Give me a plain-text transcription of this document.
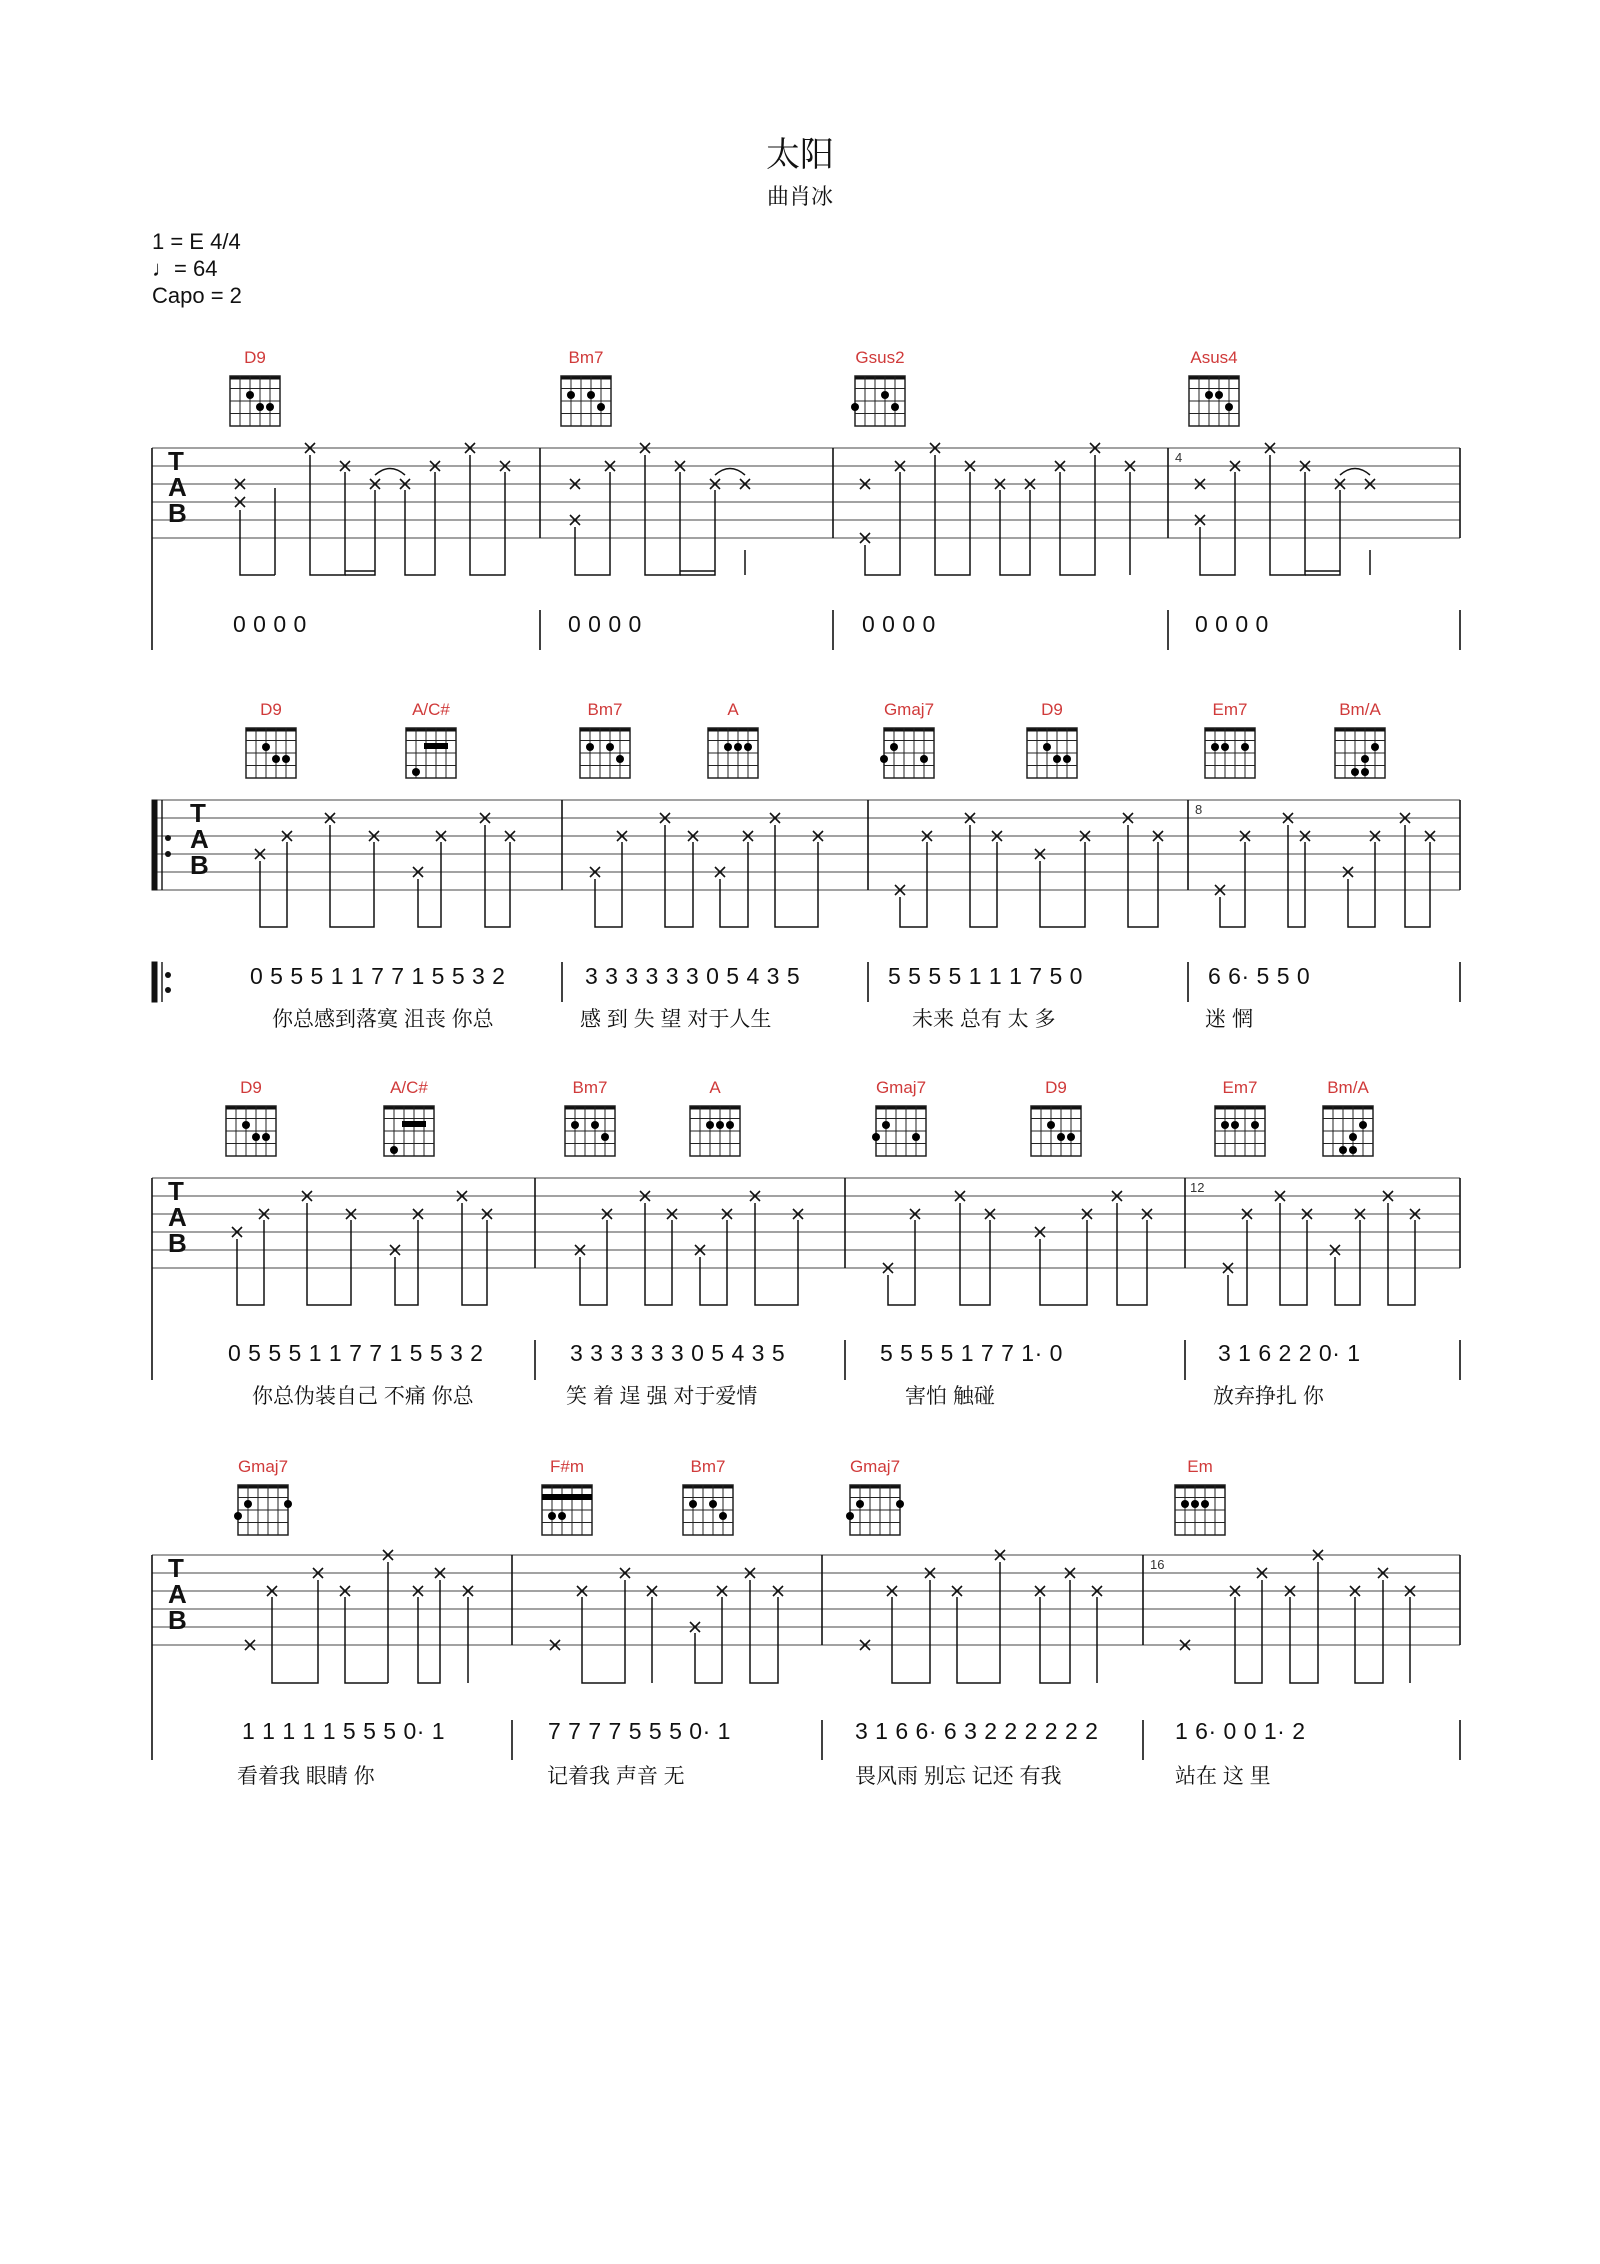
太阳
曲肖冰
1 = E 4/4
♩= 64
Capo = 2
D9	Bm7	Gsus2	Asus4
4
8
12
16
T
A
B
T
A
B
T
A
B
T
A
B
D9	A/C#	Bm7	A	Gmaj7	D9	Em7	Bm/A
D9	A/C#	Bm7	A	Gmaj7	D9	Em7	Bm/A
Gmaj7	F#m	Bm7	Gmaj7	Em
0 0 0 0	0 0 0 0	0 0 0 0	0 0 0 0
0 5 5 5 1 1 7 7 1 5 5 3 2	3 3 3 3 3 3 0 5 4 3 5	5 5 5 5 1 1 1 7 5 0	6 6· 5 5 0
你总感到落寞 沮丧 你总	感 到 失 望 对于人生	未来 总有 太 多	迷 惘
0 5 5 5 1 1 7 7 1 5 5 3 2	3 3 3 3 3 3 0 5 4 3 5	5 5 5 5 1 7 7 1· 0	3 1 6 2 2 0· 1
你总伪装自己 不痛 你总	笑 着 逞 强 对于爱情	害怕 触碰	放弃挣扎 你
1 1 1 1 1 5 5 5 0· 1	7 7 7 7 5 5 5 0· 1	3 1 6 6· 6 3 2 2 2 2 2 2	1 6· 0 0 1· 2
看着我 眼睛 你	记着我 声音 无	畏风雨 别忘 记还 有我	站在 这 里
